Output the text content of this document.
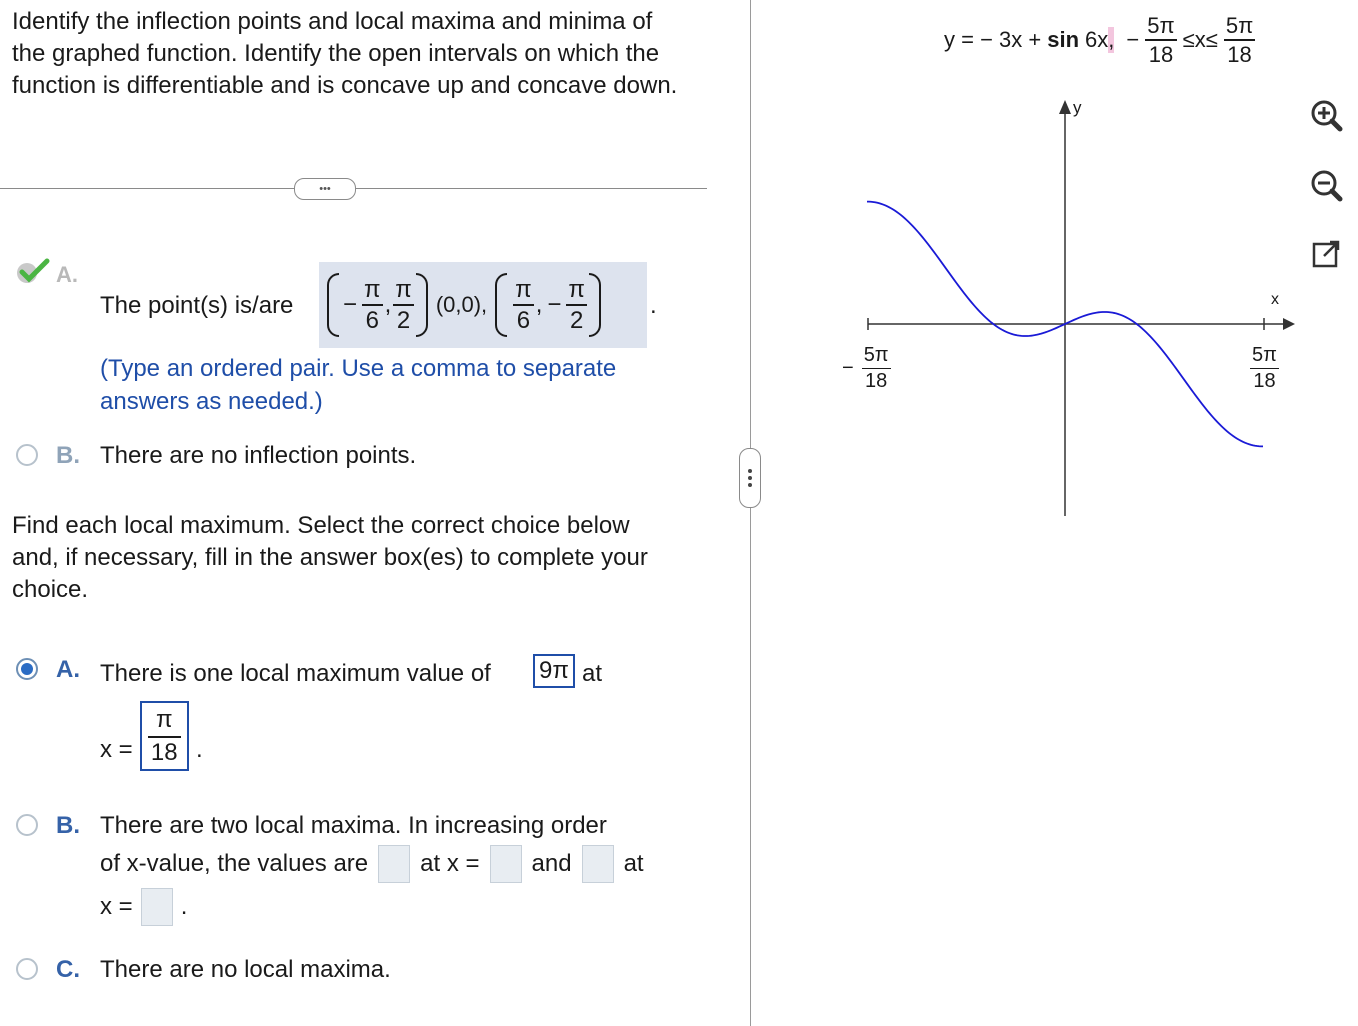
Identify the inflection points and local maxima and minima of the graphed function. Identify the open intervals on which the function is differentiable and is concave up and concave down.
•••
A.
The point(s) $is/are - \frac{\pi}{6}$ , $\frac{\pi}{2} (0,0)$, $\frac{\pi}{6}$ , − $\frac{\pi}{2}$	.
(Type an ordered pair. Use a comma to separate answers as needed.)
B. There are no inflection points.
Find each local maximum. Select the correct choice below and, if necessary, fill in the answer box(es) to complete your choice.
A. There is one local maximum value of 9π at
$x = \frac{\pi}{18}$ .
B. There are two local maxima. In increasing order
of x-value, the values are at x = and at
x = .
C. There are no local maxima.
y = − 3x + sin 6x, − $\frac{5\pi}{18} \le x\le \frac{5\pi}{18}$
y
x
− $\frac{5\pi}{18}$	$\frac{5\pi}{18}$
